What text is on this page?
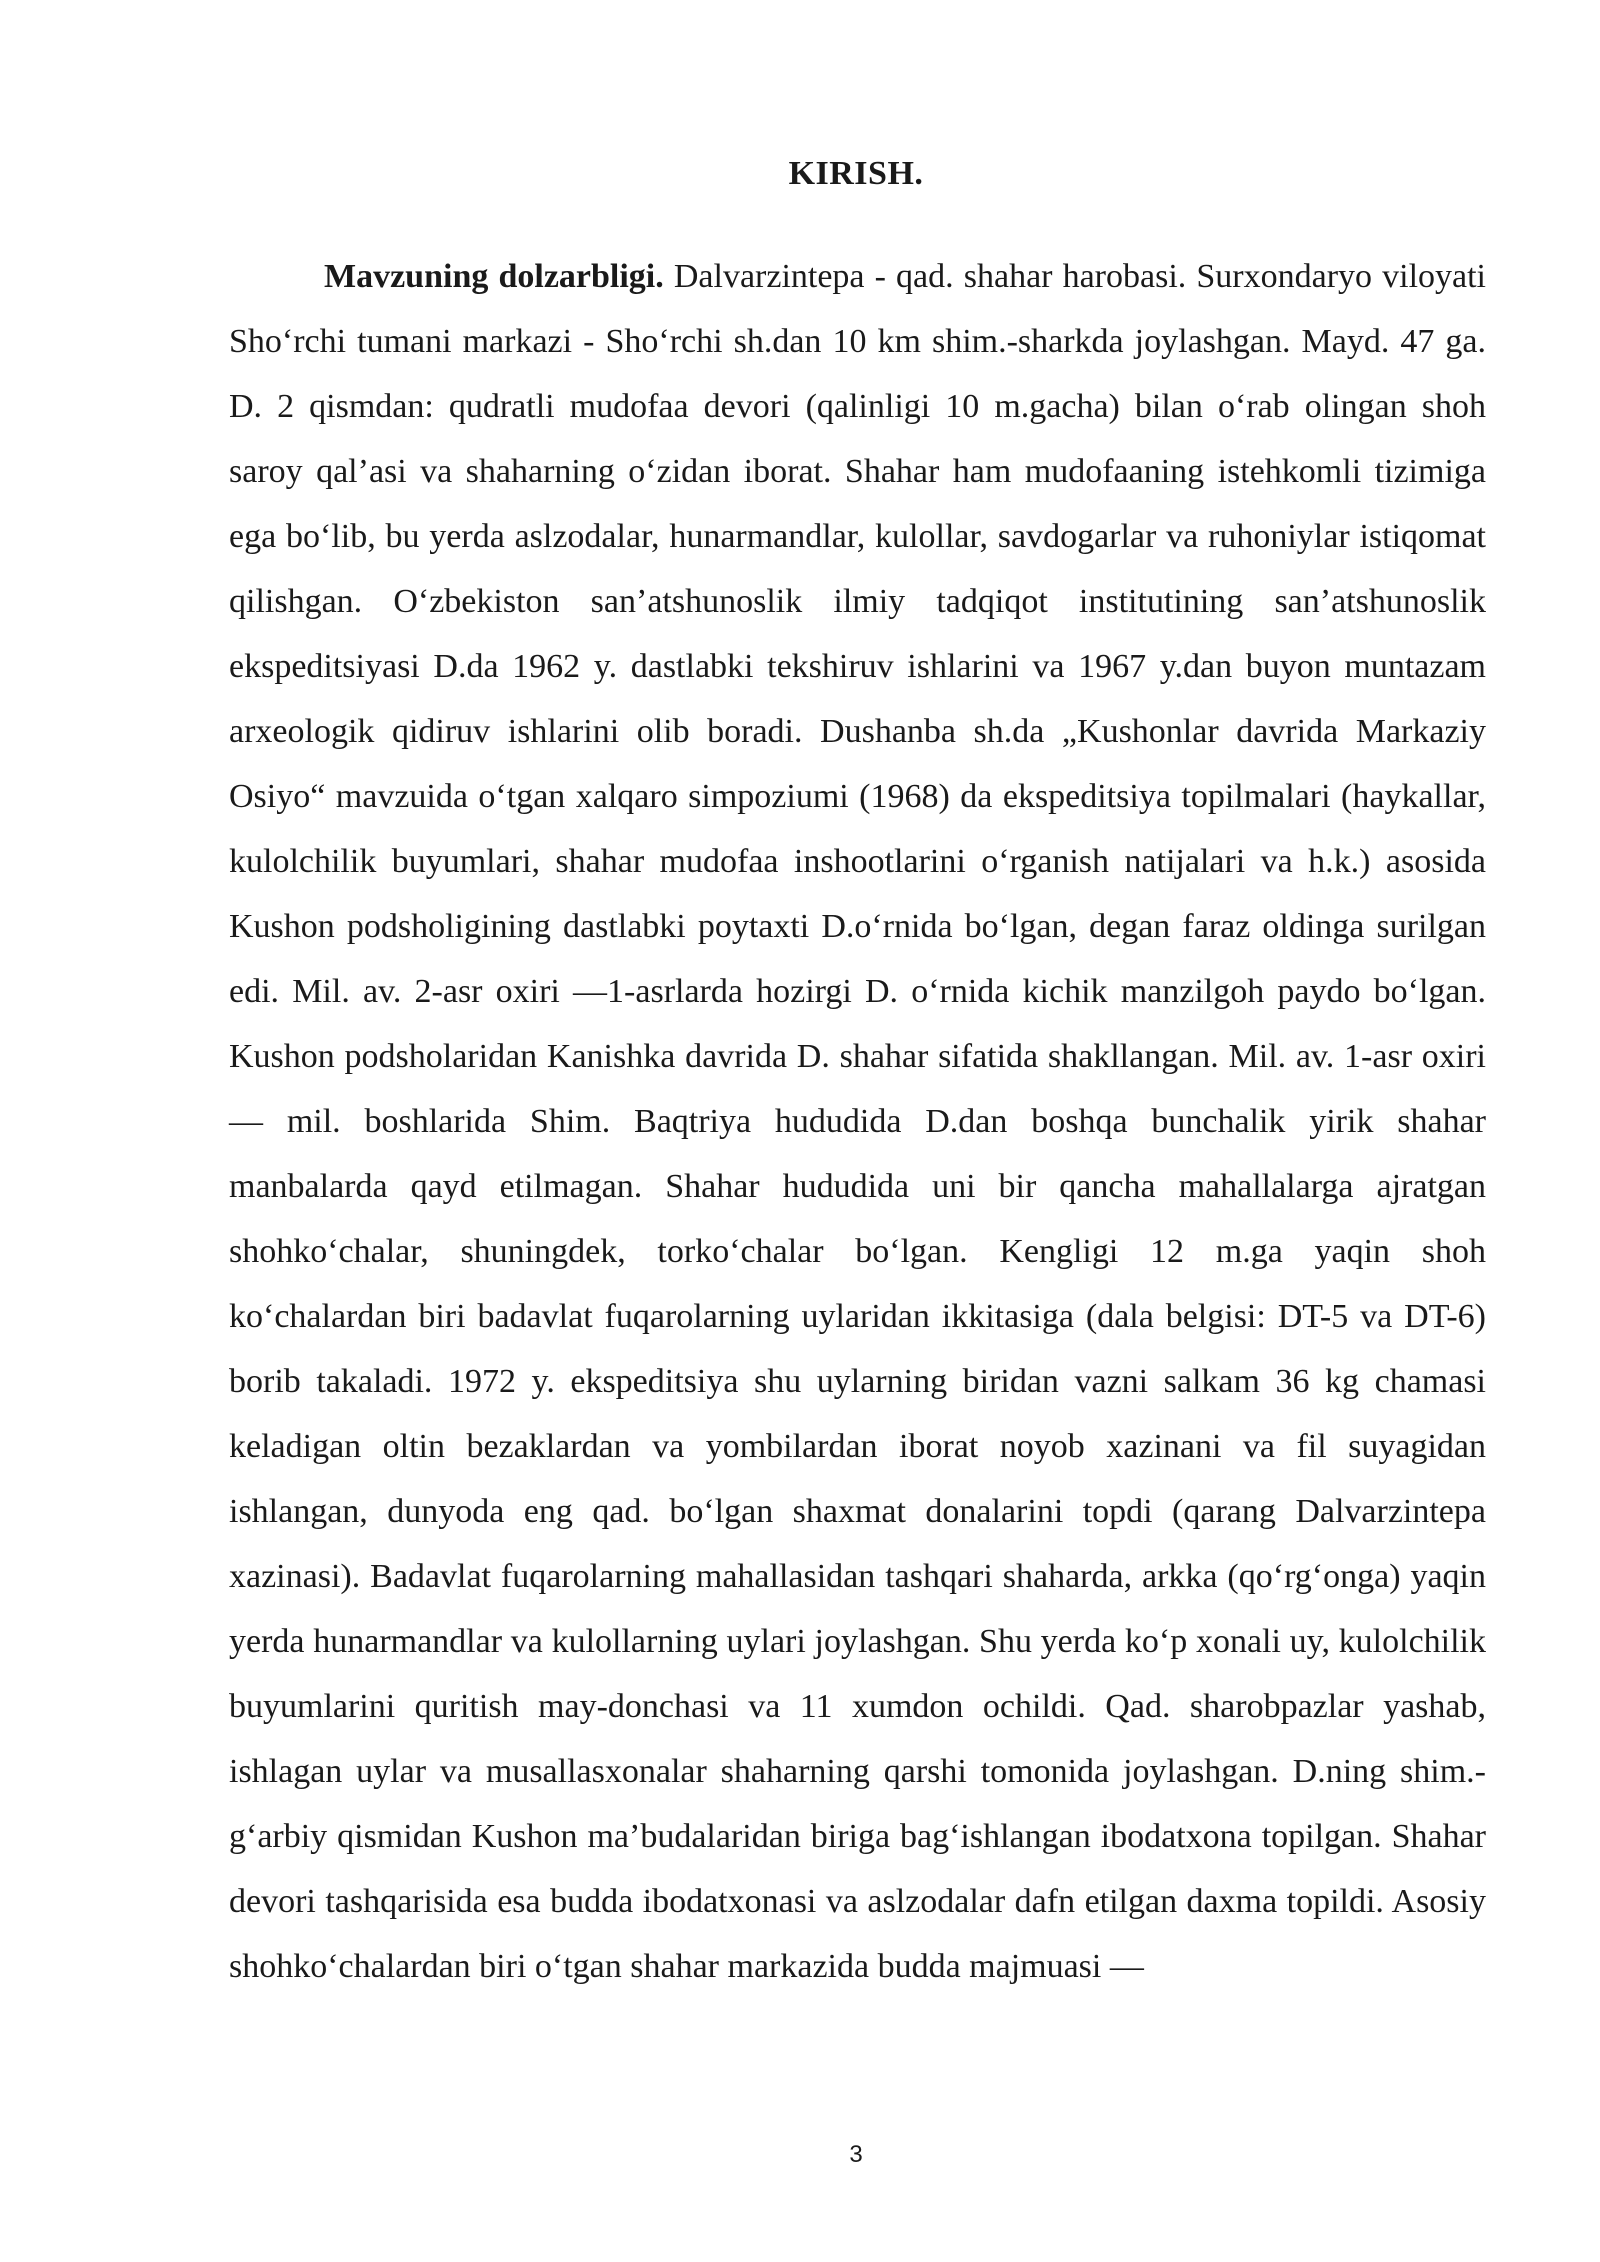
KIRISH.

Mavzuning dolzarbligi. Dalvarzintepa - qad. shahar harobasi. Surxondaryo viloyati Sho‘rchi tumani markazi - Sho‘rchi sh.dan 10 km shim.-sharkda joylashgan. Mayd. 47 ga. D. 2 qismdan: qudratli mudofaa devori (qalinligi 10 m.gacha) bilan o‘rab olingan shoh saroy qal’asi va shaharning o‘zidan iborat. Shahar ham mudofaaning istehkomli tizimiga ega bo‘lib, bu yerda aslzodalar, hunarmandlar, kulollar, savdogarlar va ruhoniylar istiqomat qilishgan. O‘zbekiston san’atshunoslik ilmiy tadqiqot institutining san’atshunoslik ekspeditsiyasi D.da 1962 y. dastlabki tekshiruv ishlarini va 1967 y.dan buyon muntazam arxeologik qidiruv ishlarini olib boradi. Dushanba sh.da „Kushonlar davrida Markaziy Osiyo“ mavzuida o‘tgan xalqaro simpoziumi (1968) da ekspeditsiya topilmalari (haykallar, kulolchilik buyumlari, shahar mudofaa inshootlarini o‘rganish natijalari va h.k.) asosida Kushon podsholigining dastlabki poytaxti D.o‘rnida bo‘lgan, degan faraz oldinga surilgan edi. Mil. av. 2-asr oxiri —1-asrlarda hozirgi D. o‘rnida kichik manzilgoh paydo bo‘lgan. Kushon podsholaridan Kanishka davrida D. shahar sifatida shakllangan. Mil. av. 1-asr oxiri — mil. boshlarida Shim. Baqtriya hududida D.dan boshqa bunchalik yirik shahar manbalarda qayd etilmagan. Shahar hududida uni bir qancha mahallalarga ajratgan shohko‘chalar, shuningdek, torko‘chalar bo‘lgan. Kengligi 12 m.ga yaqin shoh ko‘chalardan biri badavlat fuqarolarning uylaridan ikkitasiga (dala belgisi: DT-5 va DT-6) borib takaladi. 1972 y. ekspeditsiya shu uylarning biridan vazni salkam 36 kg chamasi keladigan oltin bezaklardan va yombilardan iborat noyob xazinani va fil suyagidan ishlangan, dunyoda eng qad. bo‘lgan shaxmat donalarini topdi (qarang Dalvarzintepa xazinasi). Badavlat fuqarolarning mahallasidan tashqari shaharda, arkka (qo‘rg‘onga) yaqin yerda hunarmandlar va kulollarning uylari joylashgan. Shu yerda ko‘p xonali uy, kulolchilik buyumlarini quritish may-donchasi va 11 xumdon ochildi. Qad. sharobpazlar yashab, ishlagan uylar va musallasxonalar shaharning qarshi tomonida joylashgan. D.ning shim.-g‘arbiy qismidan Kushon ma’budalaridan biriga bag‘ishlangan ibodatxona topilgan. Shahar devori tashqarisida esa budda ibodatxonasi va aslzodalar dafn etilgan daxma topildi. Asosiy shohko‘chalardan biri o‘tgan shahar markazida budda majmuasi —

3
